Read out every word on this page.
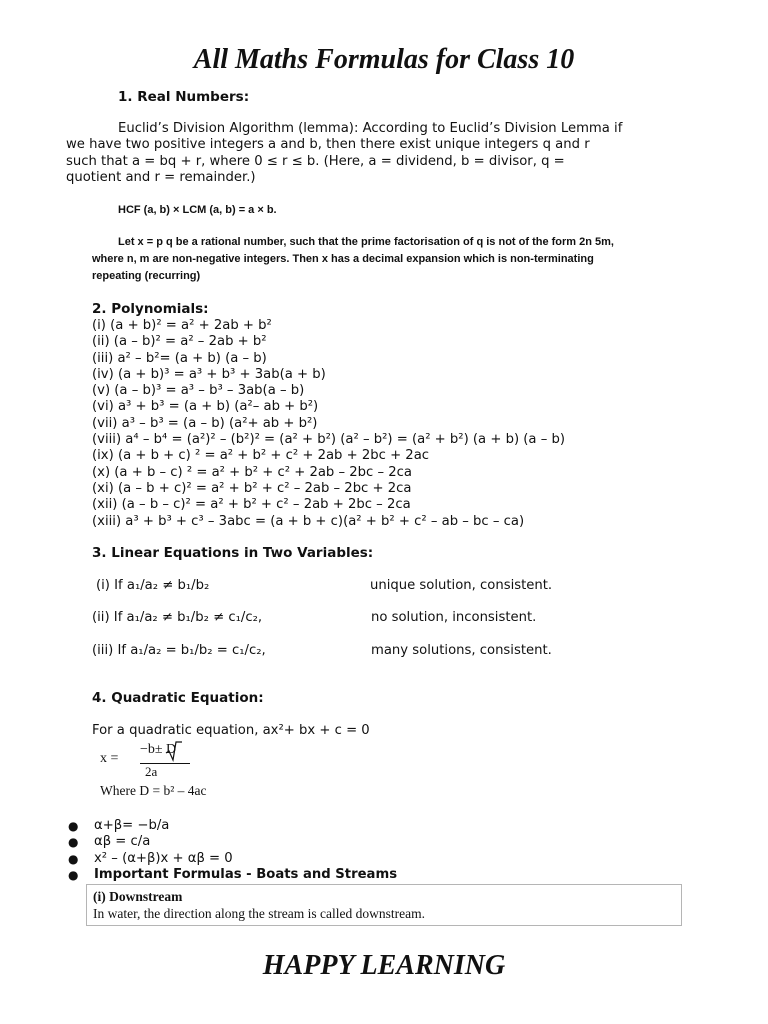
All Maths Formulas for Class 10
1. Real Numbers:
Euclid’s Division Algorithm (lemma): According to Euclid’s Division Lemma if
we have two positive integers a and b, then there exist unique integers q and r
such that a = bq + r, where 0 ≤ r ≤ b. (Here, a = dividend, b = divisor, q =
quotient and r = remainder.)
HCF (a, b) × LCM (a, b) = a × b.
Let x = p q be a rational number, such that the prime factorisation of q is not of the form 2n 5m,
where n, m are non-negative integers. Then x has a decimal expansion which is non-terminating
repeating (recurring)
2. Polynomials:
(i) (a + b)² = a² + 2ab + b²
(ii) (a – b)² = a² – 2ab + b²
(iii) a² – b²= (a + b) (a – b)
(iv) (a + b)³ = a³ + b³ + 3ab(a + b)
(v) (a – b)³ = a³ – b³ – 3ab(a – b)
(vi) a³ + b³ = (a + b) (a²– ab + b²)
(vii) a³ – b³ = (a – b) (a²+ ab + b²)
(viii) a⁴ – b⁴ = (a²)² – (b²)² = (a² + b²) (a² – b²) = (a² + b²) (a + b) (a – b)
(ix) (a + b + c) ² = a² + b² + c² + 2ab + 2bc + 2ac
(x) (a + b – c) ² = a² + b² + c² + 2ab – 2bc – 2ca
(xi) (a – b + c)² = a² + b² + c² – 2ab – 2bc + 2ca
(xii) (a – b – c)² = a² + b² + c² – 2ab + 2bc – 2ca
(xiii) a³ + b³ + c³ – 3abc = (a + b + c)(a² + b² + c² – ab – bc – ca)
3. Linear Equations in Two Variables:
(i) If a₁/a₂ ≠ b₁/b₂	unique solution, consistent.
(ii) If a₁/a₂ ≠ b₁/b₂ ≠ c₁/c₂,	no solution, inconsistent.
(iii) If a₁/a₂ = b₁/b₂ = c₁/c₂,	many solutions, consistent.
4. Quadratic Equation:
For a quadratic equation, ax²+ bx + c = 0
x =
−b± D
2a
Where D = b² – 4ac
● α+β= −b/a
● αβ = c/a
● x² – (α+β)x + αβ = 0
● Important Formulas - Boats and Streams
(i) Downstream
In water, the direction along the stream is called downstream.
HAPPY LEARNING
